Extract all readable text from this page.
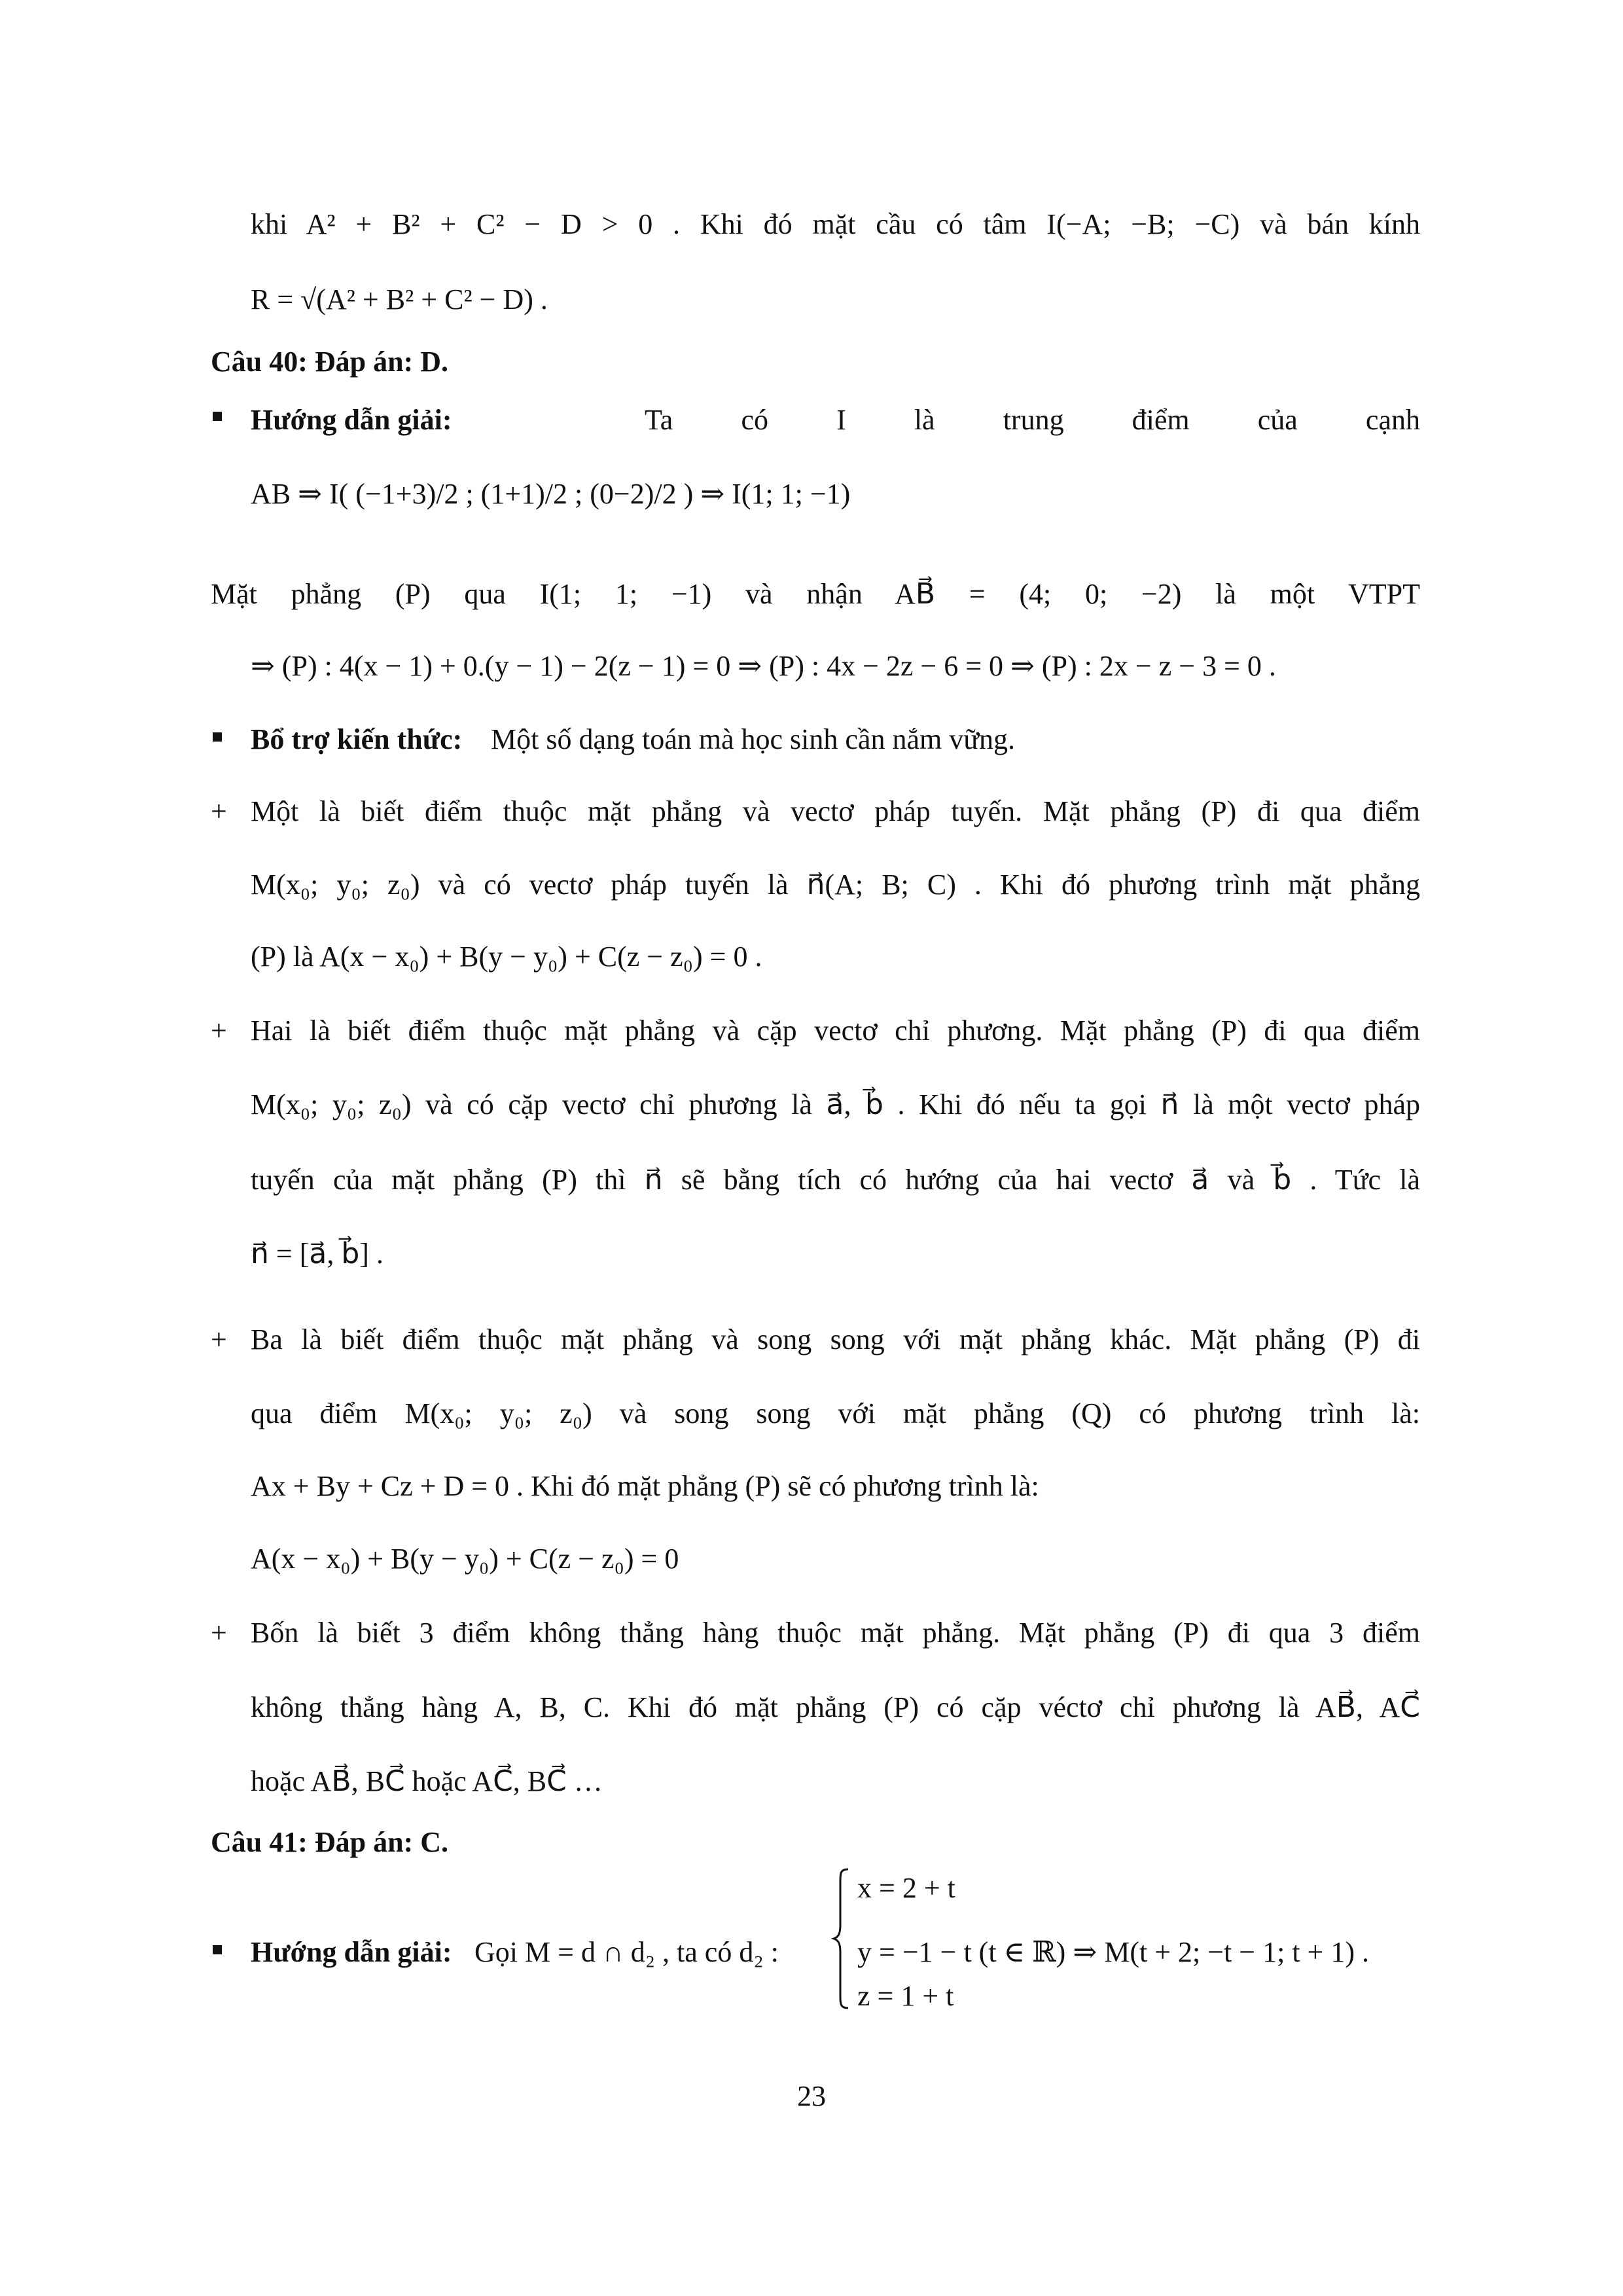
khi A² + B² + C² − D > 0 . Khi đó mặt cầu có tâm I(−A; −B; −C) và bán kính
R = √(A² + B² + C² − D) .
Câu 40: Đáp án: D.
Hướng dẫn giải:	Ta có I là trung điểm của cạnh
AB ⇒ I( (−1+3)/2 ; (1+1)/2 ; (0−2)/2 ) ⇒ I(1; 1; −1)
Mặt phẳng (P) qua I(1; 1; −1) và nhận AB⃗ = (4; 0; −2) là một VTPT
⇒ (P) : 4(x − 1) + 0.(y − 1) − 2(z − 1) = 0 ⇒ (P) : 4x − 2z − 6 = 0 ⇒ (P) : 2x − z − 3 = 0 .
Bổ trợ kiến thức: Một số dạng toán mà học sinh cần nắm vững.
+ Một là biết điểm thuộc mặt phẳng và vectơ pháp tuyến. Mặt phẳng (P) đi qua điểm
M(x₀; y₀; z₀) và có vectơ pháp tuyến là n⃗(A; B; C) . Khi đó phương trình mặt phẳng
(P) là A(x − x₀) + B(y − y₀) + C(z − z₀) = 0 .
+ Hai là biết điểm thuộc mặt phẳng và cặp vectơ chỉ phương. Mặt phẳng (P) đi qua điểm
M(x₀; y₀; z₀) và có cặp vectơ chỉ phương là a⃗, b⃗ . Khi đó nếu ta gọi n⃗ là một vectơ pháp
tuyến của mặt phẳng (P) thì n⃗ sẽ bằng tích có hướng của hai vectơ a⃗ và b⃗ . Tức là
n⃗ = [a⃗, b⃗] .
+ Ba là biết điểm thuộc mặt phẳng và song song với mặt phẳng khác. Mặt phẳng (P) đi
qua điểm M(x₀; y₀; z₀) và song song với mặt phẳng (Q) có phương trình là:
Ax + By + Cz + D = 0 . Khi đó mặt phẳng (P) sẽ có phương trình là:
A(x − x₀) + B(y − y₀) + C(z − z₀) = 0
+ Bốn là biết 3 điểm không thẳng hàng thuộc mặt phẳng. Mặt phẳng (P) đi qua 3 điểm
không thẳng hàng A, B, C. Khi đó mặt phẳng (P) có cặp véctơ chỉ phương là AB⃗, AC⃗
hoặc AB⃗, BC⃗ hoặc AC⃗, BC⃗ …
Câu 41: Đáp án: C.
Hướng dẫn giải: Gọi M = d ∩ d₂ , ta có d₂ :
x = 2 + t
y = −1 − t (t ∈ ℝ) ⇒ M(t + 2; −t − 1; t + 1) .
z = 1 + t
23
